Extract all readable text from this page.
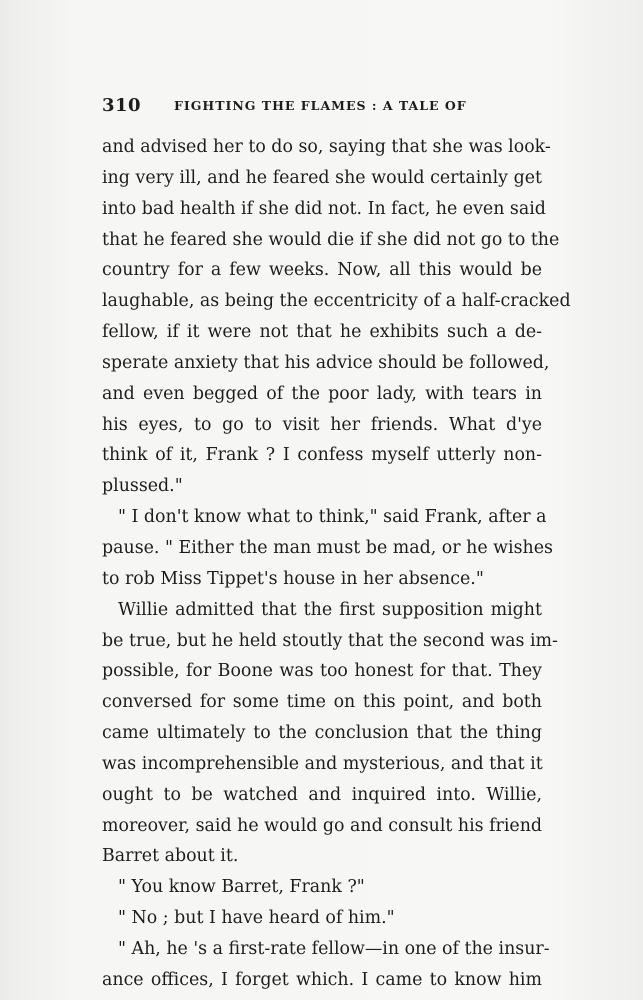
310	FIGHTING THE FLAMES : A TALE OF
and advised her to do so, saying that she was look-
ing very ill, and he feared she would certainly get
into bad health if she did not. In fact, he even said
that he feared she would die if she did not go to the
country for a few weeks. Now, all this would be
laughable, as being the eccentricity of a half-cracked
fellow, if it were not that he exhibits such a de-
sperate anxiety that his advice should be followed,
and even begged of the poor lady, with tears in
his eyes, to go to visit her friends. What d'ye
think of it, Frank ? I confess myself utterly non-
plussed."
" I don't know what to think," said Frank, after a
pause. " Either the man must be mad, or he wishes
to rob Miss Tippet's house in her absence."
Willie admitted that the first supposition might
be true, but he held stoutly that the second was im-
possible, for Boone was too honest for that. They
conversed for some time on this point, and both
came ultimately to the conclusion that the thing
was incomprehensible and mysterious, and that it
ought to be watched and inquired into. Willie,
moreover, said he would go and consult his friend
Barret about it.
" You know Barret, Frank ?"
" No ; but I have heard of him."
" Ah, he 's a first-rate fellow—in one of the insur-
ance offices, I forget which. I came to know him
